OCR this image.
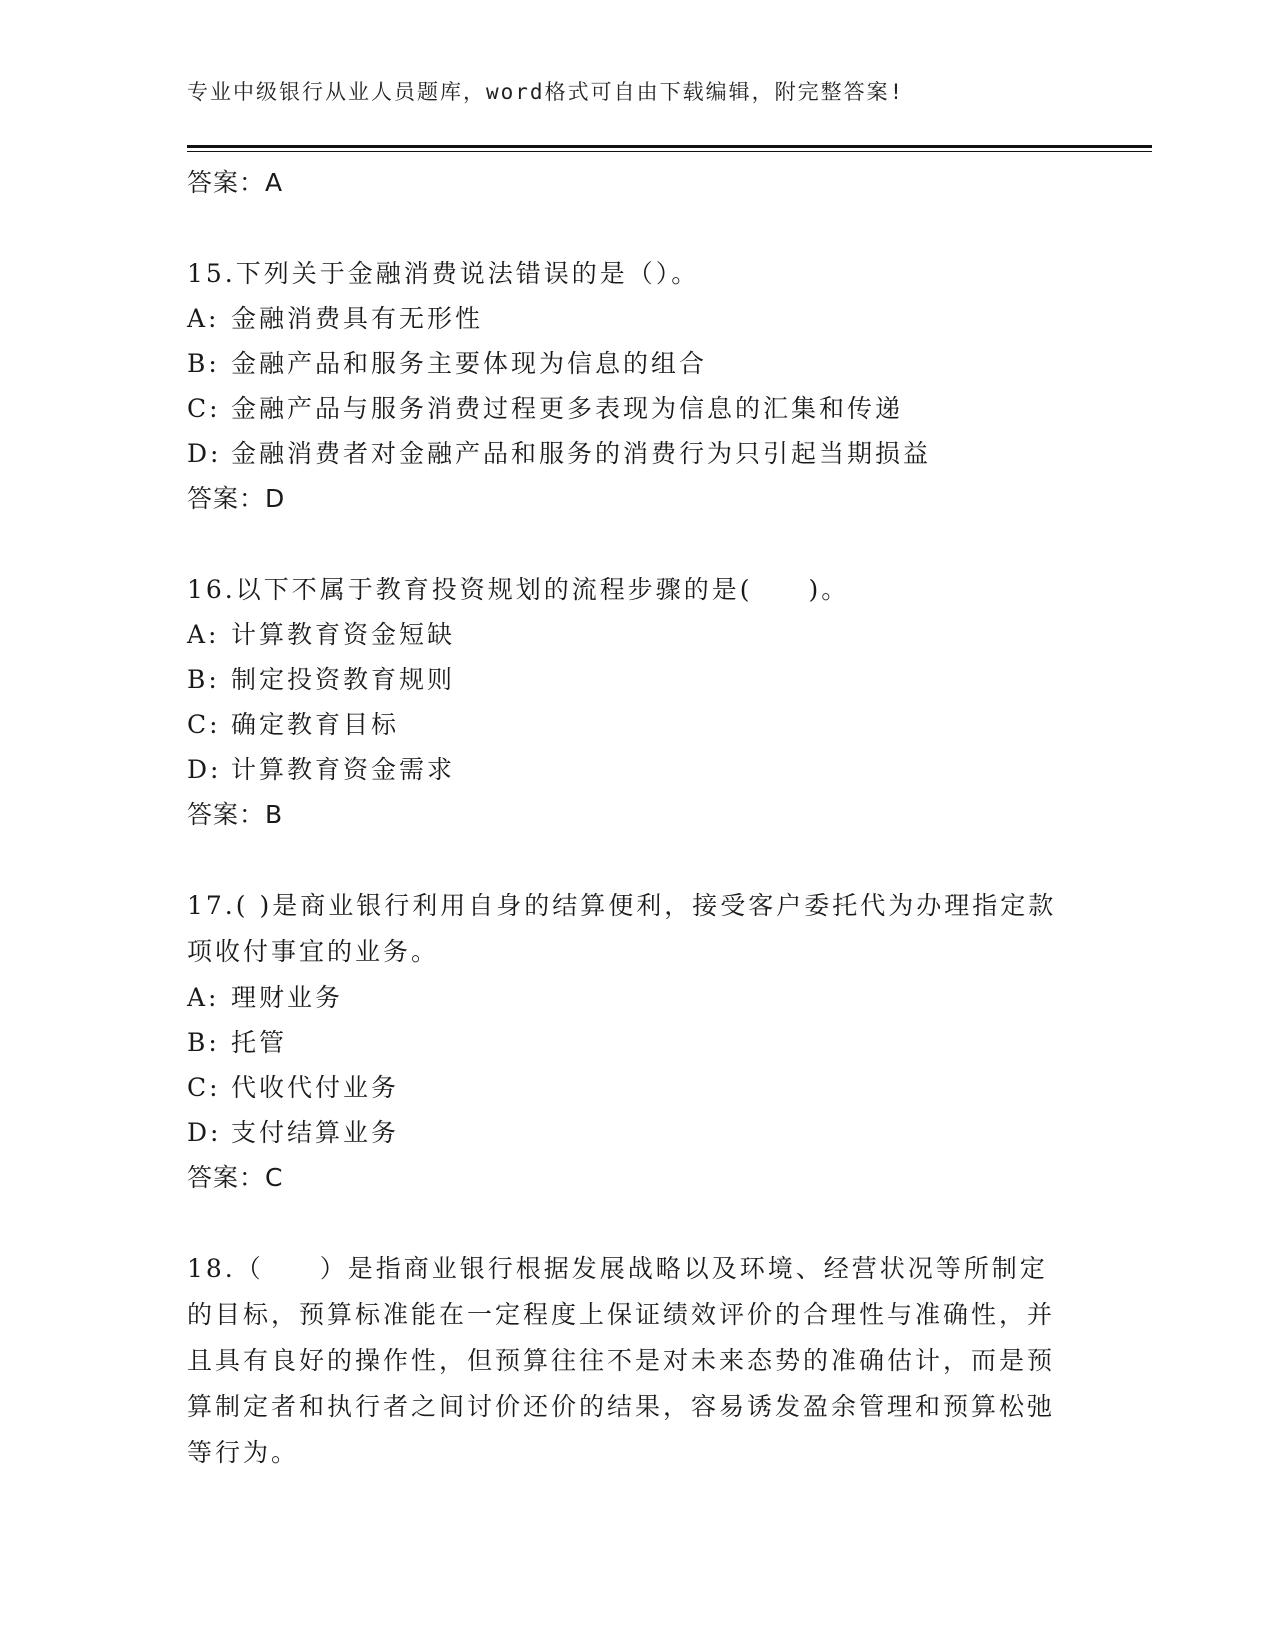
专业中级银行从业人员题库，word格式可自由下载编辑，附完整答案!
答案：A
15.下列关于金融消费说法错误的是（）。
A: 金融消费具有无形性
B: 金融产品和服务主要体现为信息的组合
C: 金融产品与服务消费过程更多表现为信息的汇集和传递
D: 金融消费者对金融产品和服务的消费行为只引起当期损益
答案：D
16.以下不属于教育投资规划的流程步骤的是(　　)。
A: 计算教育资金短缺
B: 制定投资教育规则
C: 确定教育目标
D: 计算教育资金需求
答案：B
17.( )是商业银行利用自身的结算便利，接受客户委托代为办理指定款项收付事宜的业务。
A: 理财业务
B: 托管
C: 代收代付业务
D: 支付结算业务
答案：C
18.（　　）是指商业银行根据发展战略以及环境、经营状况等所制定的目标，预算标准能在一定程度上保证绩效评价的合理性与准确性，并且具有良好的操作性，但预算往往不是对未来态势的准确估计，而是预算制定者和执行者之间讨价还价的结果，容易诱发盈余管理和预算松弛等行为。
